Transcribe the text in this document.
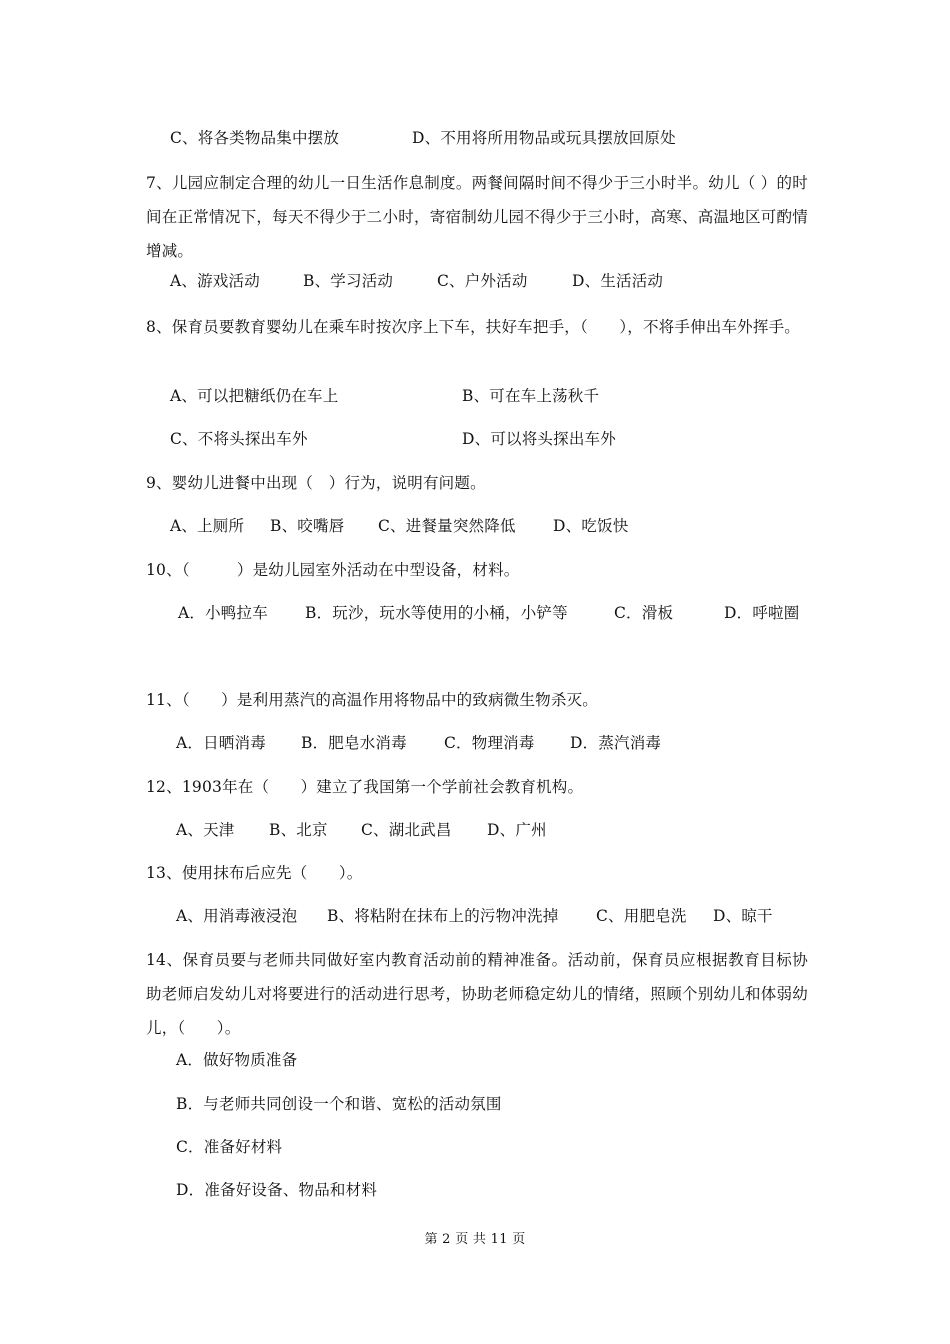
C、将各类物品集中摆放	D、不用将所用物品或玩具摆放回原处
7、儿园应制定合理的幼儿一日生活作息制度。两餐间隔时间不得少于三小时半。幼儿（ ）的时间在正常情况下，每天不得少于二小时，寄宿制幼儿园不得少于三小时，高寒、高温地区可酌情增减。
A、游戏活动	B、学习活动	C、户外活动	D、生活活动
8、保育员要教育婴幼儿在乘车时按次序上下车，扶好车把手，（　　），不将手伸出车外挥手。
A、可以把糖纸仍在车上	B、可在车上荡秋千
C、不将头探出车外	D、可以将头探出车外
9、婴幼儿进餐中出现（　）行为，说明有问题。
A、上厕所 B、咬嘴唇 C、进餐量突然降低 D、吃饭快
10、（　　　）是幼儿园室外活动在中型设备，材料。
A．小鸭拉车 B．玩沙，玩水等使用的小桶，小铲等	C．滑板	D．呼啦圈
11、（　　）是利用蒸汽的高温作用将物品中的致病微生物杀灭。
A．日晒消毒 B．肥皂水消毒 C．物理消毒 D．蒸汽消毒
12、1903年在（　　）建立了我国第一个学前社会教育机构。
A、天津 B、北京 C、湖北武昌 D、广州
13、使用抹布后应先（　　）。
A、用消毒液浸泡 B、将粘附在抹布上的污物冲洗掉 C、用肥皂洗 D、晾干
14、保育员要与老师共同做好室内教育活动前的精神准备。活动前，保育员应根据教育目标协助老师启发幼儿对将要进行的活动进行思考，协助老师稳定幼儿的情绪，照顾个别幼儿和体弱幼儿，（　　）。
A．做好物质准备
B．与老师共同创设一个和谐、宽松的活动氛围
C．准备好材料
D．准备好设备、物品和材料
第 2 页 共 11 页
